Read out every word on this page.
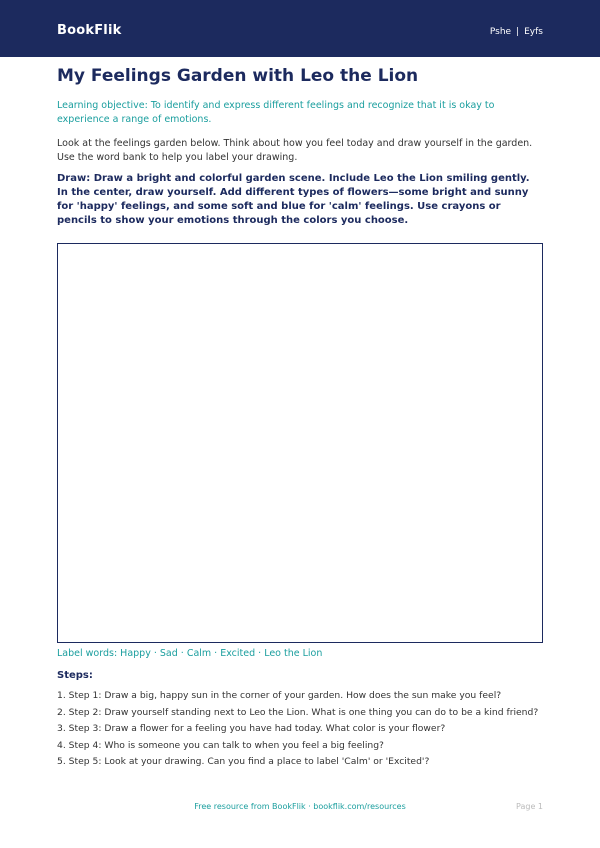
BookFlik	Pshe | Eyfs
My Feelings Garden with Leo the Lion

Learning objective: To identify and express different feelings and recognize that it is okay to experience a range of emotions.

Look at the feelings garden below. Think about how you feel today and draw yourself in the garden. Use the word bank to help you label your drawing.

Draw: Draw a bright and colorful garden scene. Include Leo the Lion smiling gently. In the center, draw yourself. Add different types of flowers—some bright and sunny for 'happy' feelings, and some soft and blue for 'calm' feelings. Use crayons or pencils to show your emotions through the colors you choose.

Label words: Happy · Sad · Calm · Excited · Leo the Lion
Steps:
1. Step 1: Draw a big, happy sun in the corner of your garden. How does the sun make you feel?
2. Step 2: Draw yourself standing next to Leo the Lion. What is one thing you can do to be a kind friend?
3. Step 3: Draw a flower for a feeling you have had today. What color is your flower?
4. Step 4: Who is someone you can talk to when you feel a big feeling?
5. Step 5: Look at your drawing. Can you find a place to label 'Calm' or 'Excited'?
Free resource from BookFlik · bookflik.com/resources	Page 1
